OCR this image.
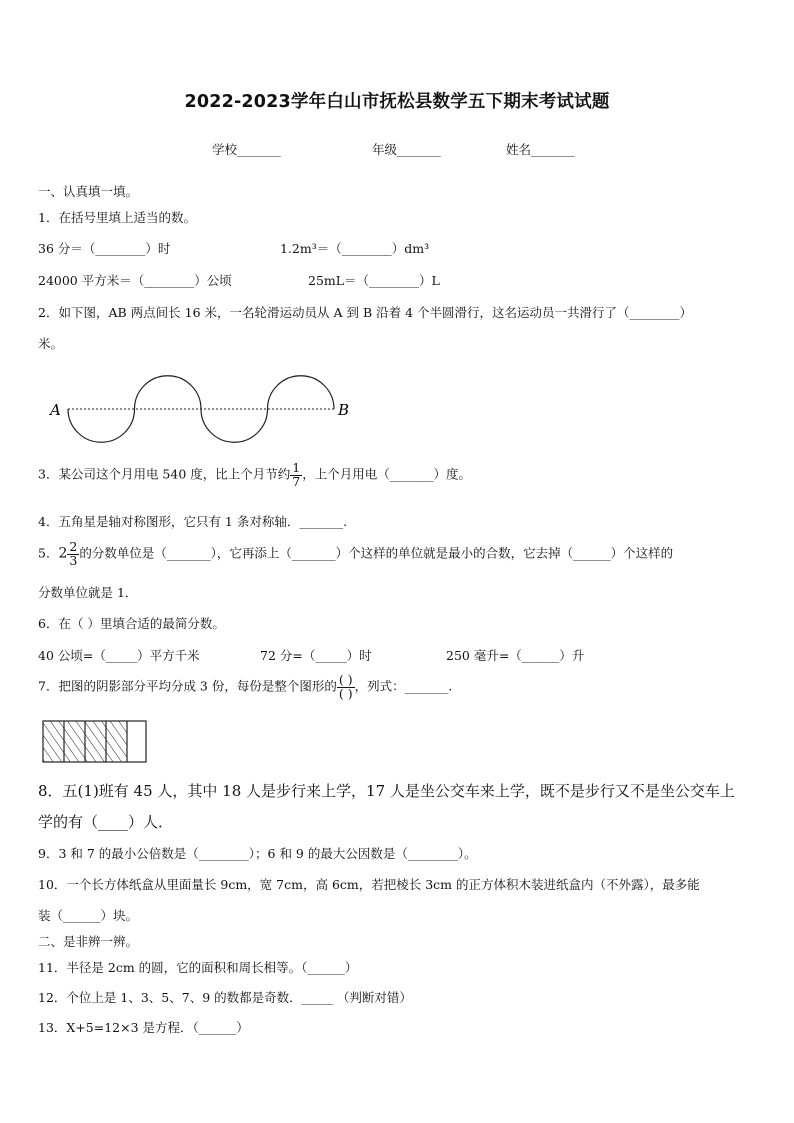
2022-2023学年白山市抚松县数学五下期末考试试题
学校_______	年级_______	姓名_______
一、认真填一填。
1．在括号里填上适当的数。
36 分＝（________）时	1.2m³＝（________）dm³
24000 平方米＝（________）公顷	25mL＝（________）L
2．如下图，AB 两点间长 16 米，一名轮滑运动员从 A 到 B 沿着 4 个半圆滑行，这名运动员一共滑行了（________）
米。
A	B
3．某公司这个月用电 540 度，比上个月节约 $\frac{1}{7}$ ，上个月用电（_______）度。
4．五角星是轴对称图形，它只有 1 条对称轴．_______.
5．$2 \frac{2}{3}$ 的分数单位是（_______），它再添上（_______）个这样的单位就是最小的合数，它去掉（______）个这样的
分数单位就是 1．
6．在（ ）里填合适的最简分数。
40 公顷=（_____）平方千米	72 分=（_____）时	250 毫升=（______）升
7．把图的阴影部分平均分成 3 份，每份是整个图形的 $\frac{( )}{( )}$ ，列式：_______.
8．五(1)班有 45 人，其中 18 人是步行来上学，17 人是坐公交车来上学，既不是步行又不是坐公交车上
学的有（____）人．
9．3 和 7 的最小公倍数是（________）；6 和 9 的最大公因数是（________）。
10．一个长方体纸盒从里面量长 9cm，宽 7cm，高 6cm，若把棱长 3cm 的正方体积木装进纸盒内（不外露），最多能
装（______）块。
二、是非辨一辨。
11．半径是 2cm 的圆，它的面积和周长相等。（______）
12．个位上是 1、3、5、7、9 的数都是奇数．_____ （判断对错）
13．X+5=12×3 是方程．（______）
